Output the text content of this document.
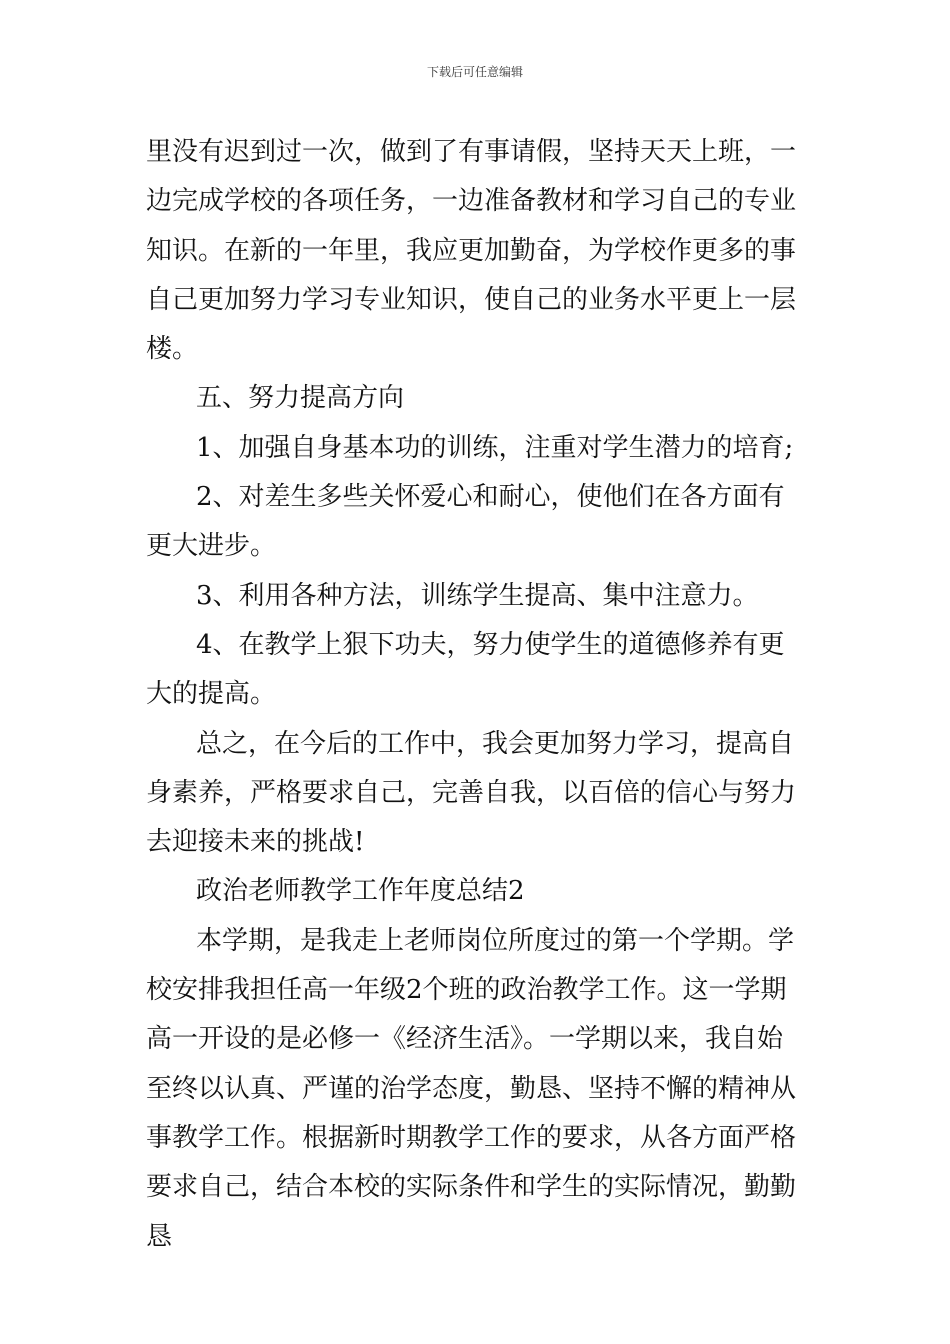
下载后可任意编辑

里没有迟到过一次，做到了有事请假，坚持天天上班，一边完成学校的各项任务，一边准备教材和学习自己的专业知识。在新的一年里，我应更加勤奋，为学校作更多的事自己更加努力学习专业知识，使自己的业务水平更上一层楼。

五、努力提高方向

1、加强自身基本功的训练，注重对学生潜力的培育;

2、对差生多些关怀爱心和耐心，使他们在各方面有更大进步。

3、利用各种方法，训练学生提高、集中注意力。

4、在教学上狠下功夫，努力使学生的道德修养有更大的提高。

总之，在今后的工作中，我会更加努力学习，提高自身素养，严格要求自己，完善自我，以百倍的信心与努力去迎接未来的挑战!

政治老师教学工作年度总结2

本学期，是我走上老师岗位所度过的第一个学期。学校安排我担任高一年级2个班的政治教学工作。这一学期高一开设的是必修一《经济生活》。一学期以来，我自始至终以认真、严谨的治学态度，勤恳、坚持不懈的精神从事教学工作。根据新时期教学工作的要求，从各方面严格要求自己，结合本校的实际条件和学生的实际情况，勤勤恳
